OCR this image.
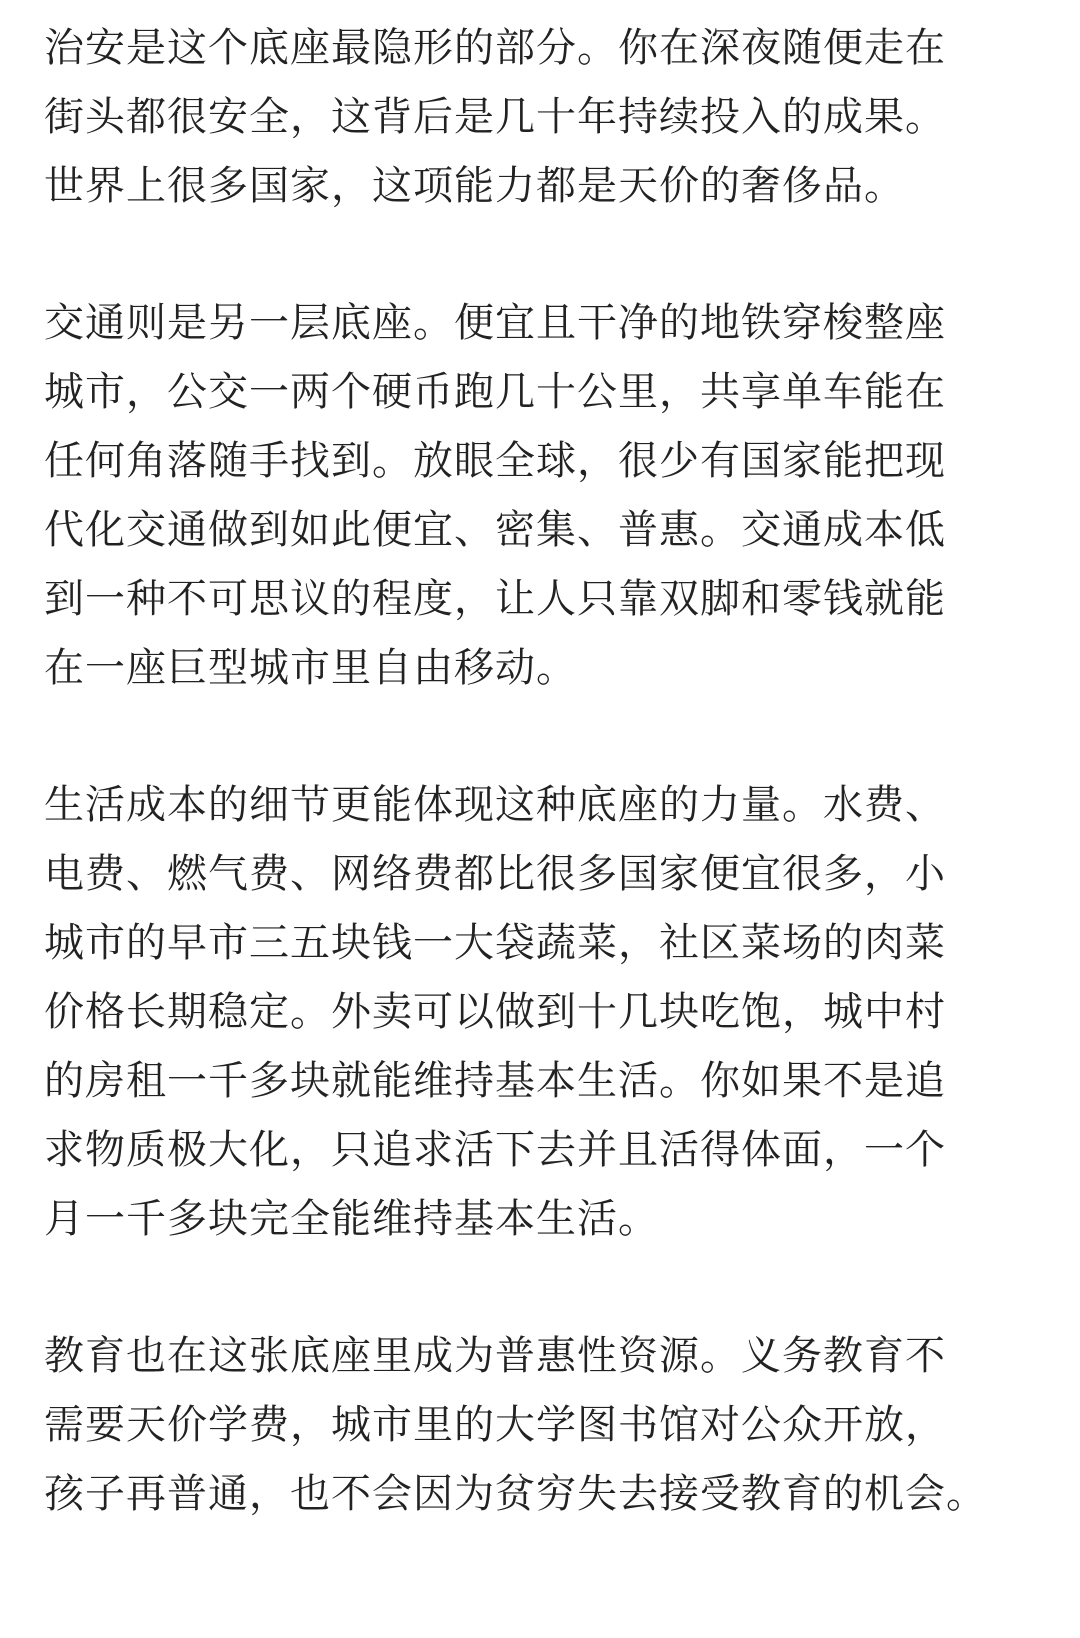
治安是这个底座最隐形的部分。你在深夜随便走在
街头都很安全，这背后是几十年持续投入的成果。
世界上很多国家，这项能力都是天价的奢侈品。
交通则是另一层底座。便宜且干净的地铁穿梭整座
城市，公交一两个硬币跑几十公里，共享单车能在
任何角落随手找到。放眼全球，很少有国家能把现
代化交通做到如此便宜、密集、普惠。交通成本低
到一种不可思议的程度，让人只靠双脚和零钱就能
在一座巨型城市里自由移动。
生活成本的细节更能体现这种底座的力量。水费、
电费、燃气费、网络费都比很多国家便宜很多，小
城市的早市三五块钱一大袋蔬菜，社区菜场的肉菜
价格长期稳定。外卖可以做到十几块吃饱，城中村
的房租一千多块就能维持基本生活。你如果不是追
求物质极大化，只追求活下去并且活得体面，一个
月一千多块完全能维持基本生活。
教育也在这张底座里成为普惠性资源。义务教育不
需要天价学费，城市里的大学图书馆对公众开放，
孩子再普通，也不会因为贫穷失去接受教育的机会。
